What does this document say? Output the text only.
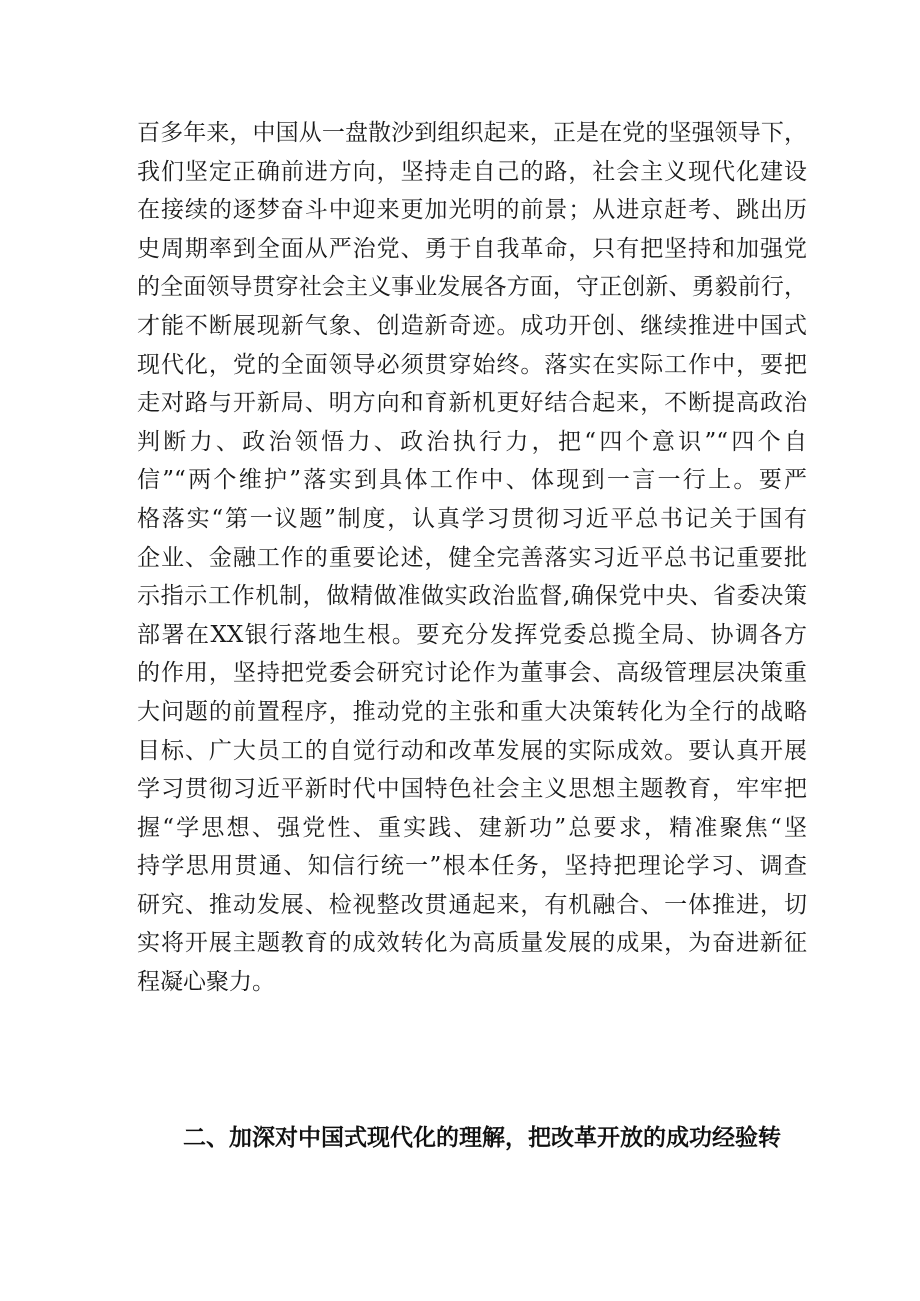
百多年来，中国从一盘散沙到组织起来，正是在党的坚强领导下，
我们坚定正确前进方向，坚持走自己的路，社会主义现代化建设
在接续的逐梦奋斗中迎来更加光明的前景；从进京赶考、跳出历
史周期率到全面从严治党、勇于自我革命，只有把坚持和加强党
的全面领导贯穿社会主义事业发展各方面，守正创新、勇毅前行，
才能不断展现新气象、创造新奇迹。成功开创、继续推进中国式
现代化，党的全面领导必须贯穿始终。落实在实际工作中，要把
走对路与开新局、明方向和育新机更好结合起来，不断提高政治
判断力、政治领悟力、政治执行力，把“四个意识”“四个自
信”“两个维护”落实到具体工作中、体现到一言一行上。要严
格落实“第一议题”制度，认真学习贯彻习近平总书记关于国有
企业、金融工作的重要论述，健全完善落实习近平总书记重要批
示指示工作机制，做精做准做实政治监督,确保党中央、省委决策
部署在XX银行落地生根。要充分发挥党委总揽全局、协调各方
的作用，坚持把党委会研究讨论作为董事会、高级管理层决策重
大问题的前置程序，推动党的主张和重大决策转化为全行的战略
目标、广大员工的自觉行动和改革发展的实际成效。要认真开展
学习贯彻习近平新时代中国特色社会主义思想主题教育，牢牢把
握“学思想、强党性、重实践、建新功”总要求，精准聚焦“坚
持学思用贯通、知信行统一”根本任务，坚持把理论学习、调查
研究、推动发展、检视整改贯通起来，有机融合、一体推进，切
实将开展主题教育的成效转化为高质量发展的成果，为奋进新征
程凝心聚力。
二、加深对中国式现代化的理解，把改革开放的成功经验转
